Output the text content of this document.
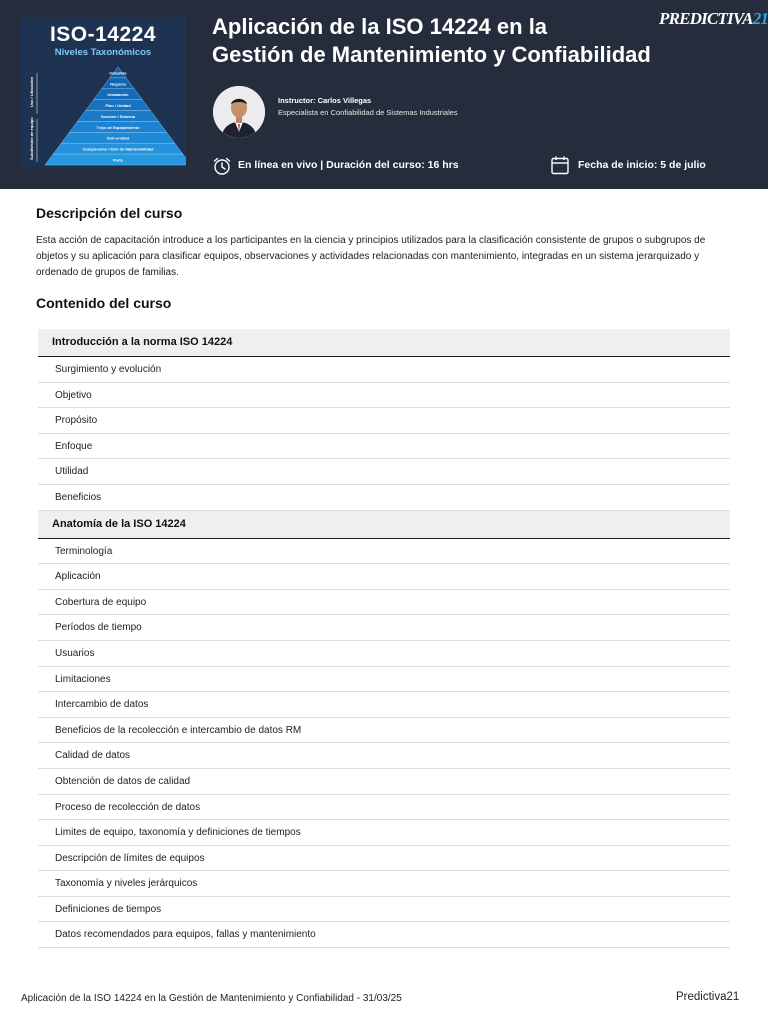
ISO-14224
Niveles Taxonómicos
Industria
Negocio
Instalación
Plan / Unidad
Sección / Sistema
Trejo de Equipamiento
Sub-unidad
Componente / Item de Mantenibilidad
Parte
Uso / Ubicación
Subdivisión de equipo
Aplicación de la ISO 14224 en la
Gestión de Mantenimiento y Confiabilidad
PREDICTIVA21
Instructor: Carlos Villegas
Especialista en Confiabilidad de Sistemas Industriales
En línea en vivo | Duración del curso: 16 hrs	Fecha de inicio: 5 de julio
Descripción del curso
Esta acción de capacitación introduce a los participantes en la ciencia y principios utilizados para la clasificación consistente de grupos o subgrupos de objetos y su aplicación para clasificar equipos, observaciones y actividades relacionadas con mantenimiento, integradas en un sistema jerarquizado y ordenado de grupos de familias.
Contenido del curso
Introducción a la norma ISO 14224
Surgimiento y evolución
Objetivo
Propósito
Enfoque
Utilidad
Beneficios
Anatomía de la ISO 14224
Terminología
Aplicación
Cobertura de equipo
Períodos de tiempo
Usuarios
Limitaciones
Intercambio de datos
Beneficios de la recolección e intercambio de datos RM
Calidad de datos
Obtención de datos de calidad
Proceso de recolección de datos
Limites de equipo, taxonomía y definiciones de tiempos
Descripción de límites de equipos
Taxonomía y niveles jerárquicos
Definiciones de tiempos
Datos recomendados para equipos, fallas y mantenimiento
Aplicación de la ISO 14224 en la Gestión de Mantenimiento y Confiabilidad - 31/03/25	Predictiva21
